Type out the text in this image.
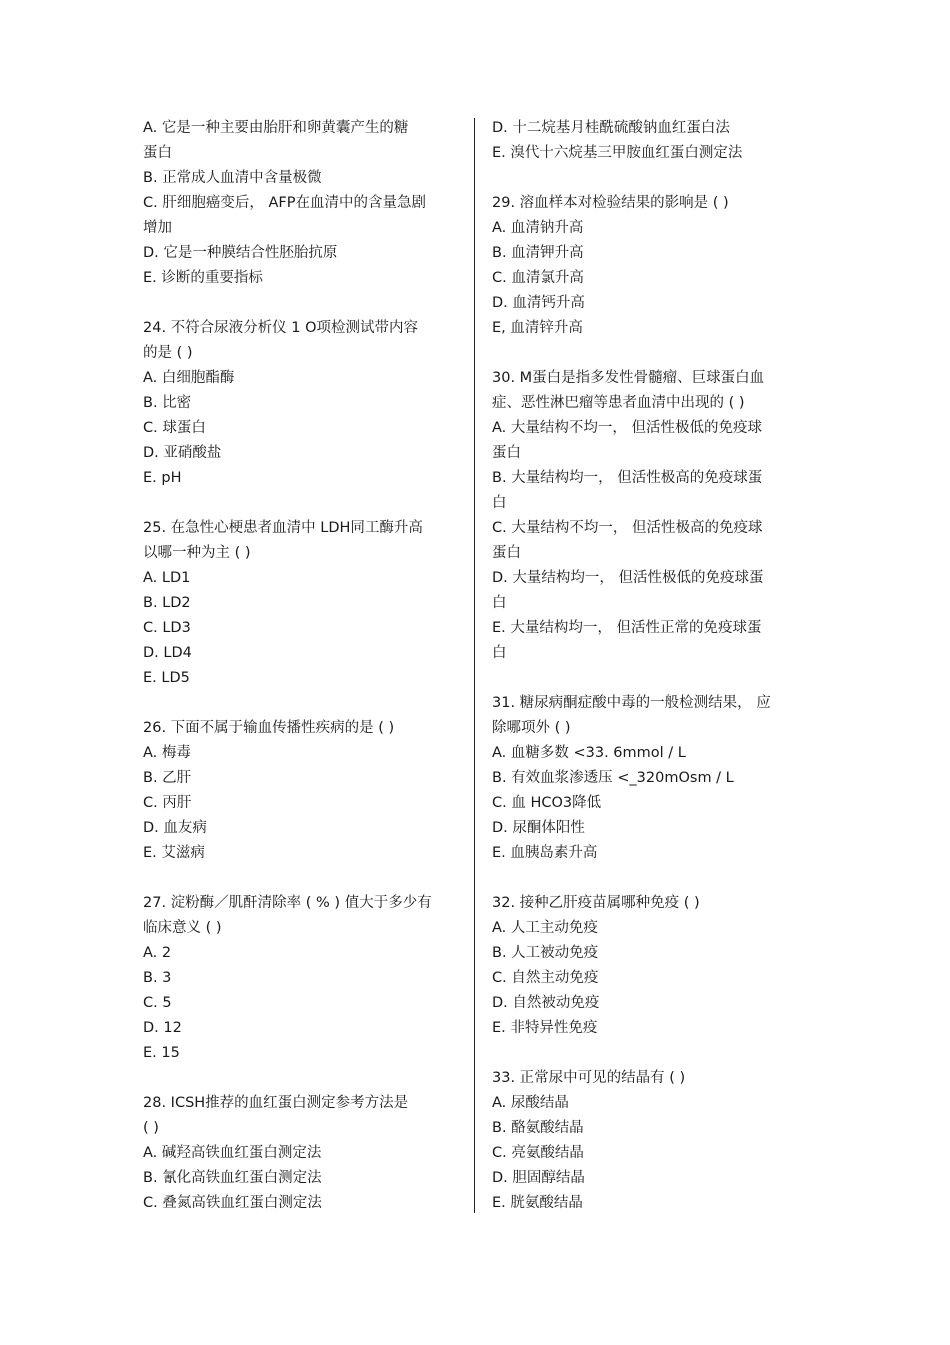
A. 它是一种主要由胎肝和卵黄囊产生的糖
蛋白
B. 正常成人血清中含量极微
C. 肝细胞癌变后， AFP在血清中的含量急剧
增加
D. 它是一种膜结合性胚胎抗原
E. 诊断的重要指标
24. 不符合尿液分析仪 1 O项检测试带内容
的是 ( )
A. 白细胞酯酶
B. 比密
C. 球蛋白
D. 亚硝酸盐
E. pH
25. 在急性心梗患者血清中 LDH同工酶升高
以哪一种为主 ( )
A. LD1
B. LD2
C. LD3
D. LD4
E. LD5
26. 下面不属于输血传播性疾病的是 ( )
A. 梅毒
B. 乙肝
C. 丙肝
D. 血友病
E. 艾滋病
27. 淀粉酶／肌酐清除率 ( % ) 值大于多少有
临床意义 ( )
A. 2
B. 3
C. 5
D. 12
E. 15
28. ICSH推荐的血红蛋白测定参考方法是
( )
A. 碱羟高铁血红蛋白测定法
B. 氰化高铁血红蛋白测定法
C. 叠氮高铁血红蛋白测定法
D. 十二烷基月桂酰硫酸钠血红蛋白法
E. 溴代十六烷基三甲胺血红蛋白测定法
29. 溶血样本对检验结果的影响是 ( )
A. 血清钠升高
B. 血清钾升高
C. 血清氯升高
D. 血清钙升高
E, 血清锌升高
30. M蛋白是指多发性骨髓瘤、巨球蛋白血
症、恶性淋巴瘤等患者血清中出现的 ( )
A. 大量结构不均一， 但活性极低的免疫球
蛋白
B. 大量结构均一， 但活性极高的免疫球蛋
白
C. 大量结构不均一， 但活性极高的免疫球
蛋白
D. 大量结构均一， 但活性极低的免疫球蛋
白
E. 大量结构均一， 但活性正常的免疫球蛋
白
31. 糖尿病酮症酸中毒的一般检测结果， 应
除哪项外 ( )
A. 血糖多数 <33. 6mmol ∕ L
B. 有效血浆渗透压 <_320mOsm ∕ L
C. 血 HCO3降低
D. 尿酮体阳性
E. 血胰岛素升高
32. 接种乙肝疫苗属哪种免疫 ( )
A. 人工主动免疫
B. 人工被动免疫
C. 自然主动免疫
D. 自然被动免疫
E. 非特异性免疫
33. 正常尿中可见的结晶有 ( )
A. 尿酸结晶
B. 酪氨酸结晶
C. 亮氨酸结晶
D. 胆固醇结晶
E. 胱氨酸结晶
